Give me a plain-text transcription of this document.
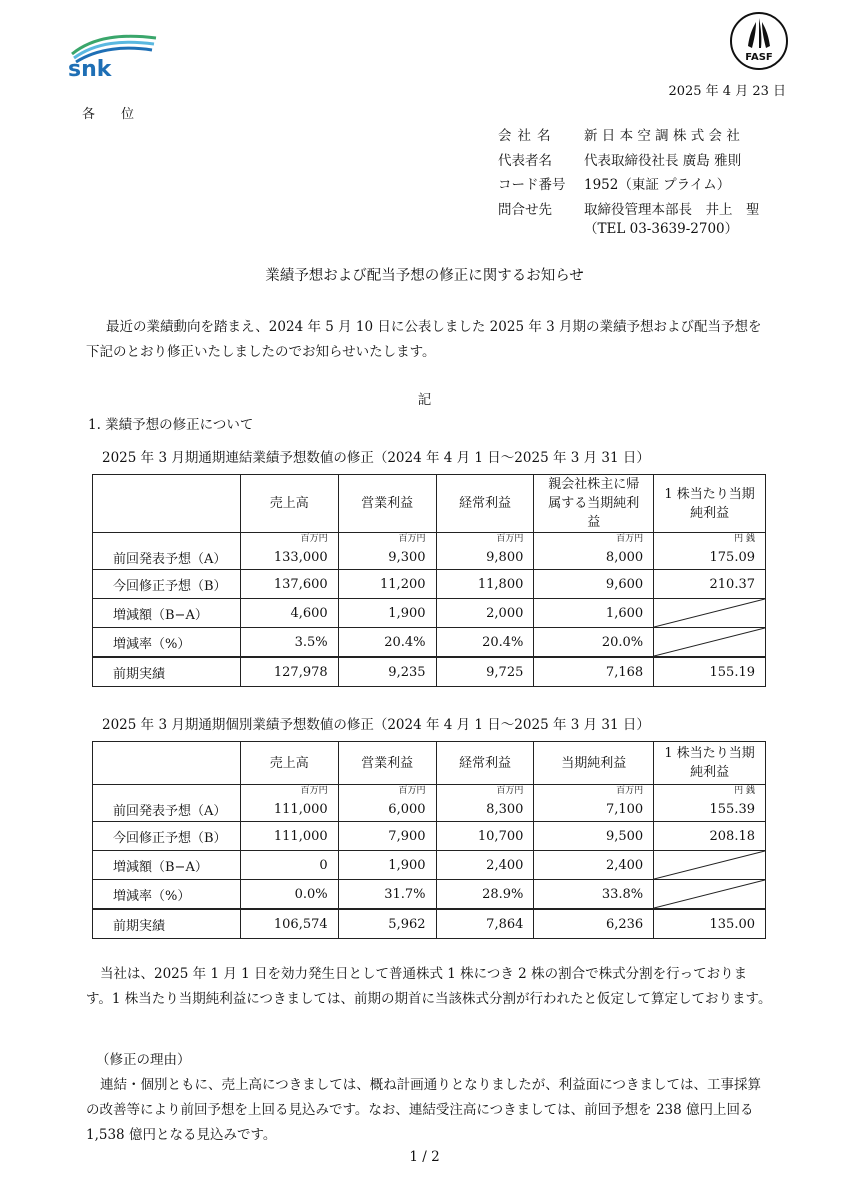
snk	FASF
2025 年 4 月 23 日
各　　位
会社名	新 日 本 空 調 株 式 会 社
代表者名	代表取締役社長 廣島 雅則
コード番号	1952（東証 プライム）
問合せ先	取締役管理本部長　井上　聖
（TEL 03-3639-2700）
業績予想および配当予想の修正に関するお知らせ
最近の業績動向を踏まえ、2024 年 5 月 10 日に公表しました 2025 年 3 月期の業績予想および配当予想を下記のとおり修正いたしましたのでお知らせいたします。
記
1. 業績予想の修正について
2025 年 3 月期通期連結業績予想数値の修正（2024 年 4 月 1 日～2025 年 3 月 31 日）
	売上高	営業利益	経常利益	親会社株主に帰属する当期純利益	1 株当たり当期純利益
	百万円	百万円	百万円	百万円	円 銭
前回発表予想（A）	133,000	9,300	9,800	8,000	175.09
今回修正予想（B）	137,600	11,200	11,800	9,600	210.37
増減額（B−A）	4,600	1,900	2,000	1,600	

増減率（%）	3.5%	20.4%	20.4%	20.0%	

前期実績	127,978	9,235	9,725	7,168	155.19
2025 年 3 月期通期個別業績予想数値の修正（2024 年 4 月 1 日～2025 年 3 月 31 日）
	売上高	営業利益	経常利益	当期純利益	1 株当たり当期純利益
	百万円	百万円	百万円	百万円	円 銭
前回発表予想（A）	111,000	6,000	8,300	7,100	155.39
今回修正予想（B）	111,000	7,900	10,700	9,500	208.18
増減額（B−A）	0	1,900	2,400	2,400	

増減率（%）	0.0%	31.7%	28.9%	33.8%	

前期実績	106,574	5,962	7,864	6,236	135.00
当社は、2025 年 1 月 1 日を効力発生日として普通株式 1 株につき 2 株の割合で株式分割を行っております。1 株当たり当期純利益につきましては、前期の期首に当該株式分割が行われたと仮定して算定しております。
（修正の理由）
連結・個別ともに、売上高につきましては、概ね計画通りとなりましたが、利益面につきましては、工事採算の改善等により前回予想を上回る見込みです。なお、連結受注高につきましては、前回予想を 238 億円上回る 1,538 億円となる見込みです。
1 / 2
